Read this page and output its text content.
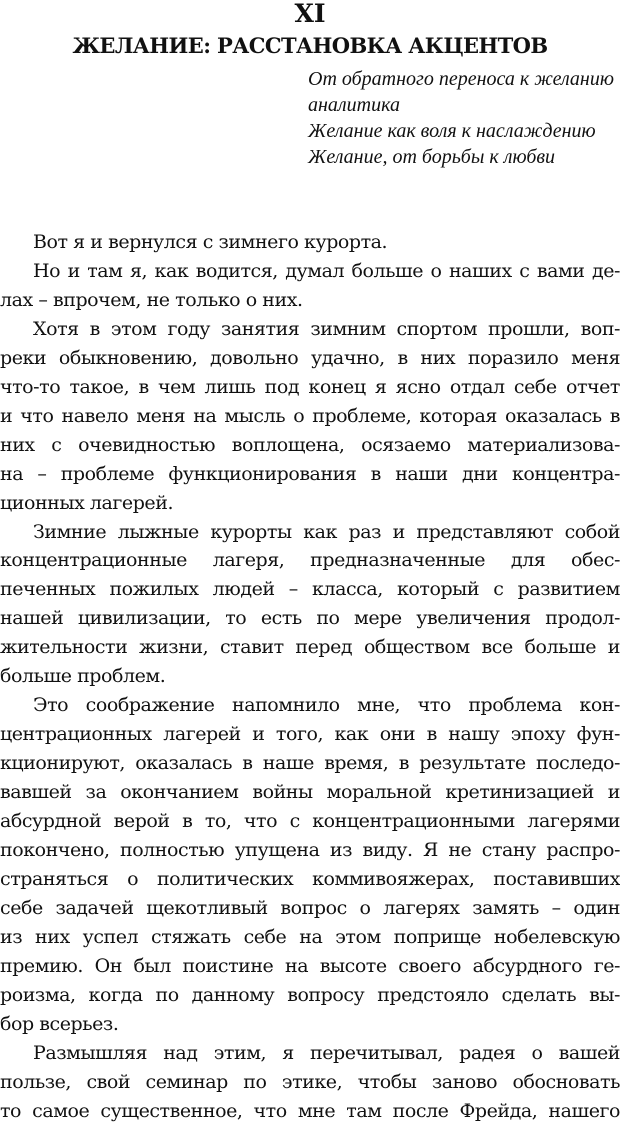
XI
ЖЕЛАНИЕ: РАССТАНОВКА АКЦЕНТОВ
От обратного переноса к желанию
аналитика
Желание как воля к наслаждению
Желание, от борьбы к любви
Вот я и вернулся с зимнего курорта.
Но и там я, как водится, думал больше о наших с вами де-
лах – впрочем, не только о них.
Хотя в этом году занятия зимним спортом прошли, воп-
реки обыкновению, довольно удачно, в них поразило меня
что-то такое, в чем лишь под конец я ясно отдал себе отчет
и что навело меня на мысль о проблеме, которая оказалась в
них с очевидностью воплощена, осязаемо материализова-
на – проблеме функционирования в наши дни концентра-
ционных лагерей.
Зимние лыжные курорты как раз и представляют собой
концентрационные лагеря, предназначенные для обес-
печенных пожилых людей – класса, который с развитием
нашей цивилизации, то есть по мере увеличения продол-
жительности жизни, ставит перед обществом все больше и
больше проблем.
Это соображение напомнило мне, что проблема кон-
центрационных лагерей и того, как они в нашу эпоху фун-
кционируют, оказалась в наше время, в результате последо-
вавшей за окончанием войны моральной кретинизацией и
абсурдной верой в то, что с концентрационными лагерями
покончено, полностью упущена из виду. Я не стану распро-
страняться о политических коммивояжерах, поставивших
себе задачей щекотливый вопрос о лагерях замять – один
из них успел стяжать себе на этом поприще нобелевскую
премию. Он был поистине на высоте своего абсурдного ге-
роизма, когда по данному вопросу предстояло сделать вы-
бор всерьез.
Размышляя над этим, я перечитывал, радея о вашей
пользе, свой семинар по этике, чтобы заново обосновать
то самое существенное, что мне там после Фрейда, нашего
